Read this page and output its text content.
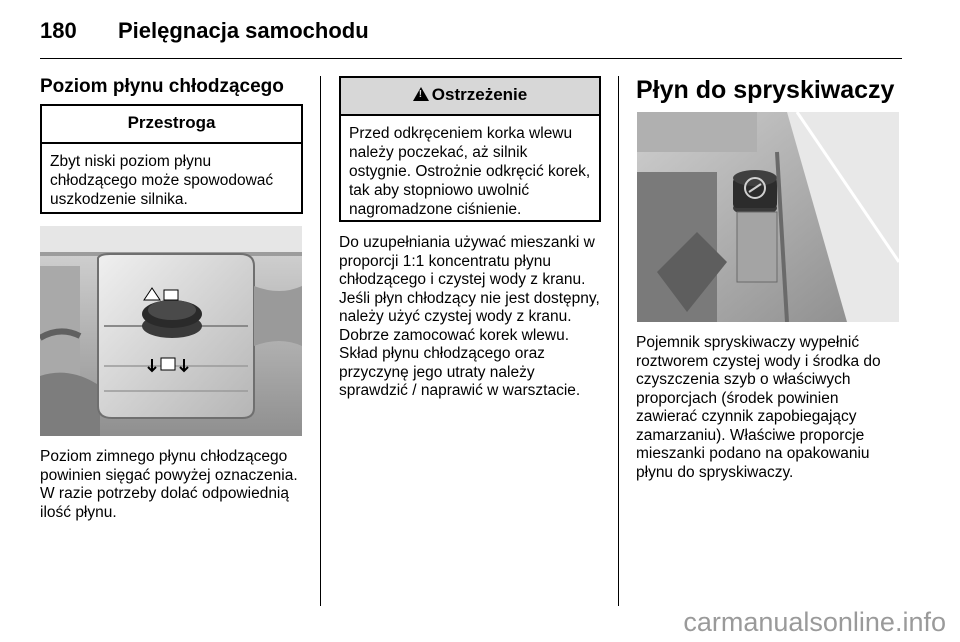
180 Pielęgnacja samochodu
Poziom płynu chłodzącego
Przestroga
Zbyt niski poziom płynu chłodzącego może spowodować uszkodzenie silnika.
Poziom zimnego płynu chłodzącego powinien sięgać powyżej oznaczenia. W razie potrzeby dolać odpowiednią ilość płynu.
!Ostrzeżenie
Przed odkręceniem korka wlewu należy poczekać, aż silnik ostygnie. Ostrożnie odkręcić korek, tak aby stopniowo uwolnić nagromadzone ciśnienie.
Do uzupełniania używać mieszanki w proporcji 1:1 koncentratu płynu chłodzącego i czystej wody z kranu. Jeśli płyn chłodzący nie jest dostępny, należy użyć czystej wody z kranu. Dobrze zamocować korek wlewu. Skład płynu chłodzącego oraz przyczynę jego utraty należy sprawdzić / naprawić w warsztacie.
Płyn do spryskiwaczy
Pojemnik spryskiwaczy wypełnić roztworem czystej wody i środka do czyszczenia szyb o właściwych proporcjach (środek powinien zawierać czynnik zapobiegający zamarzaniu). Właściwe proporcje mieszanki podano na opakowaniu płynu do spryskiwaczy.
carmanualsonline.info
